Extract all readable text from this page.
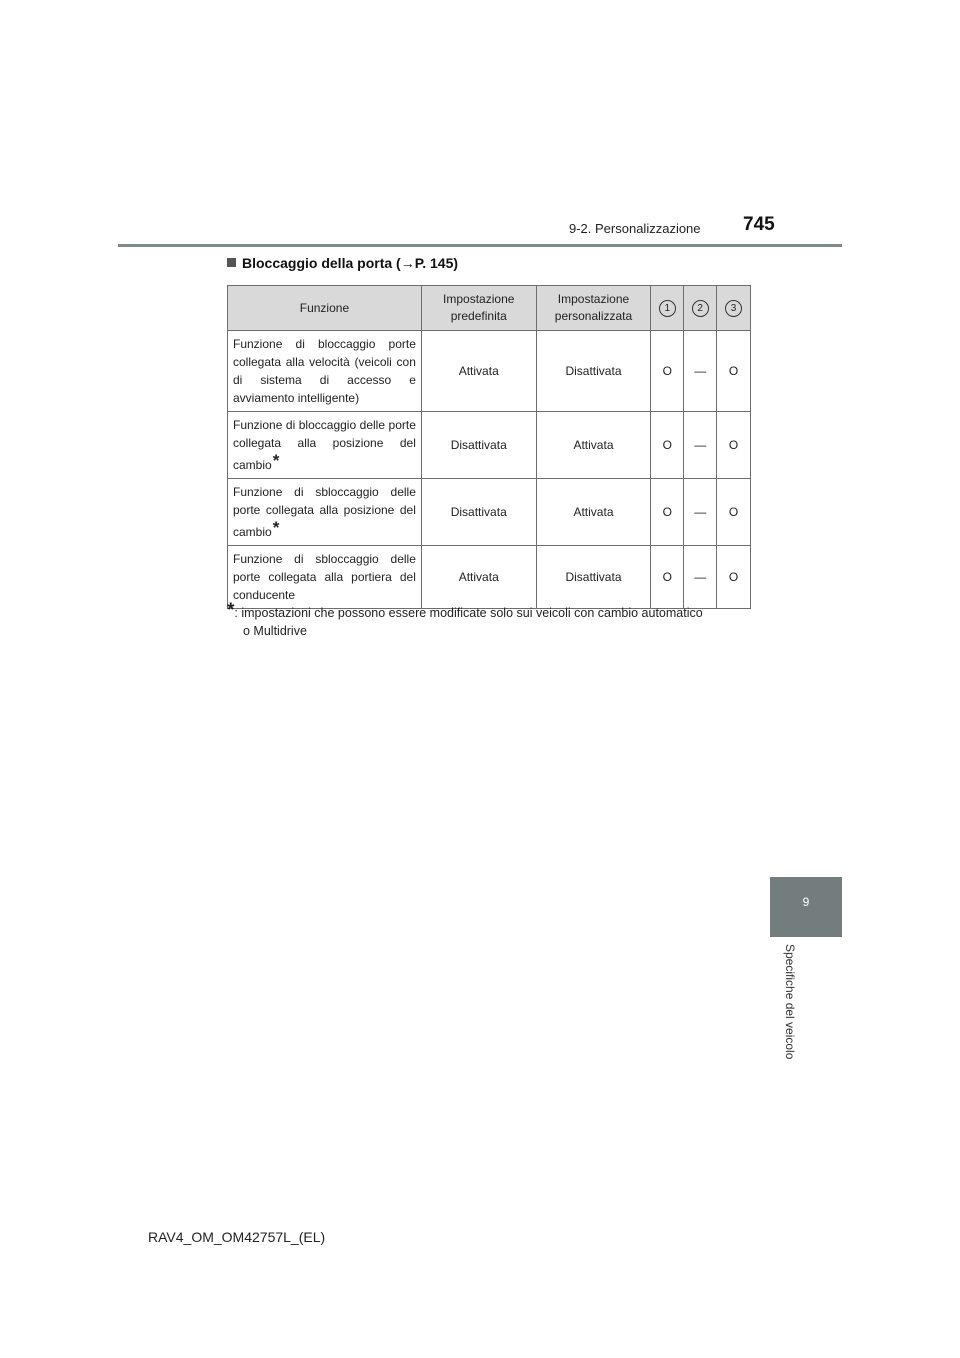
9-2. Personalizzazione 745
9
Specifiche del veicolo
Bloccaggio della porta (→P. 145)
Funzione	Impostazione predefinita	Impostazione personalizzata	1	2	3
Funzione di bloccaggio porte collegata alla velocità (veicoli con di sistema di accesso e avviamento intelligente)	Attivata	Disattivata	O	—	O
Funzione di bloccaggio delle porte collegata alla posizione del cambio*	Disattivata	Attivata	O	—	O
Funzione di sbloccaggio delle porte collegata alla posizione del cambio*	Disattivata	Attivata	O	—	O
Funzione di sbloccaggio delle porte collegata alla portiera del conducente	Attivata	Disattivata	O	—	O
*: impostazioni che possono essere modificate solo sui veicoli con cambio automatico
o Multidrive
RAV4_OM_OM42757L_(EL)
